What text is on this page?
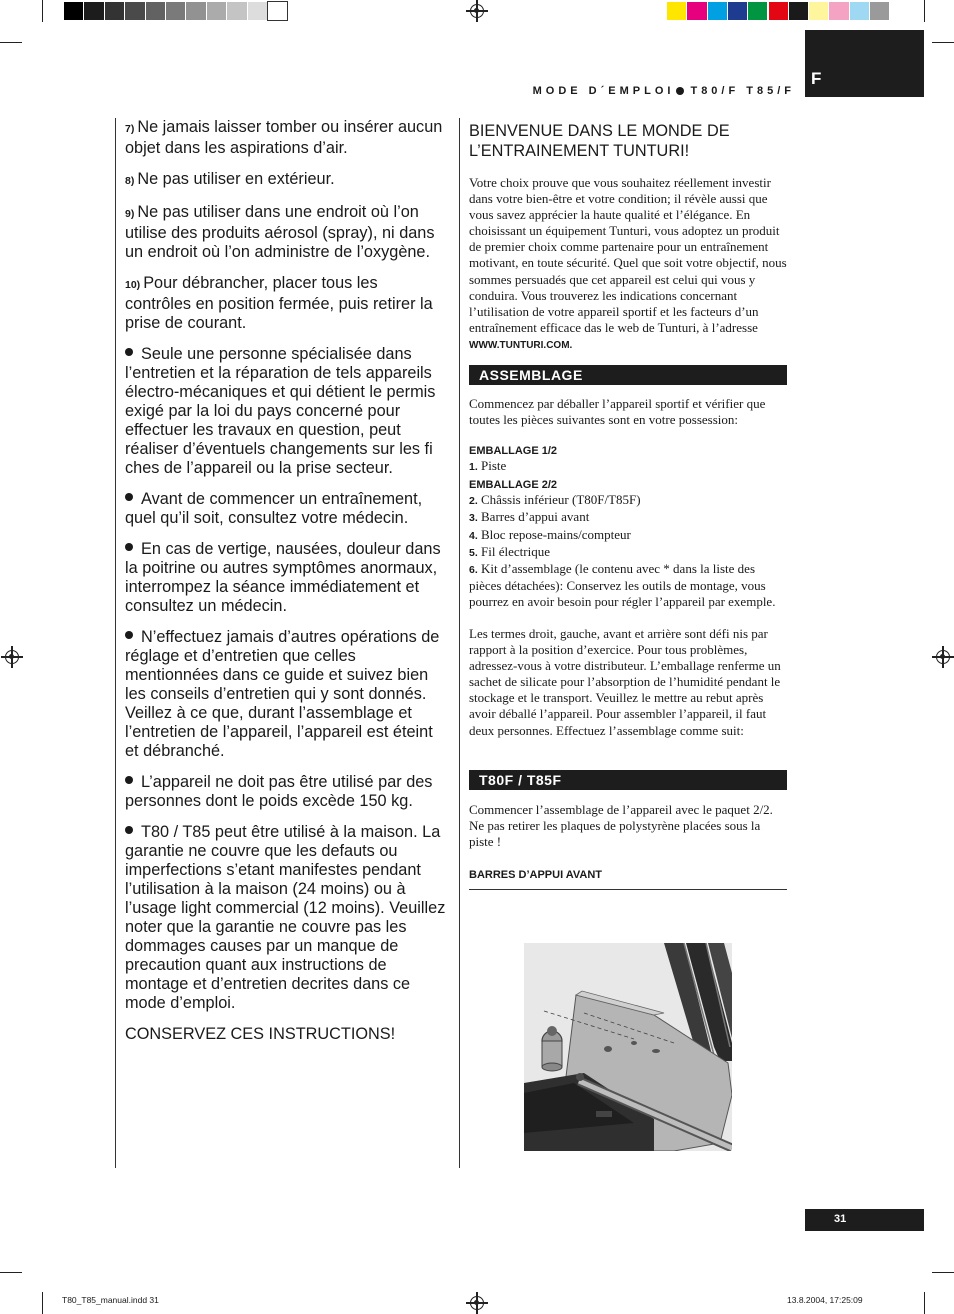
F
MODE D´EMPLOI T80/F T85/F

7) Ne jamais laisser tomber ou insérer aucun objet dans les aspirations d’air.

8) Ne pas utiliser en extérieur.

9) Ne pas utiliser dans une endroit où l’on utilise des produits aérosol (spray), ni dans un endroit où l’on administre de l’oxygène.

10) Pour débrancher, placer tous les contrôles en position fermée, puis retirer la prise de courant.

Seule une personne spécialisée dans l’entretien et la réparation de tels appareils électro-mécaniques et qui détient le permis exigé par la loi du pays concerné pour effectuer les travaux en question, peut réaliser d’éventuels changements sur les fi ches de l’appareil ou la prise secteur.

Avant de commencer un entraînement, quel qu’il soit, consultez votre médecin.

En cas de vertige, nausées, douleur dans la poitrine ou autres symptômes anormaux, interrompez la séance immédiatement et consultez un médecin.

N’effectuez jamais d’autres opérations de réglage et d’entretien que celles mentionnées dans ce guide et suivez bien les conseils d’entretien qui y sont donnés. Veillez à ce que, durant l’assemblage et l’entretien de l’appareil, l’appareil est éteint et débranché.

L’appareil ne doit pas être utilisé par des personnes dont le poids excède 150 kg.

T80 / T85 peut être utilisé à la maison. La garantie ne couvre que les defauts ou imperfections s’etant manifestes pendant l’utilisation à la maison (24 moins) ou à l’usage light commercial (12 moins). Veuillez noter que la garantie ne couvre pas les dommages causes par un manque de precaution quant aux instructions de montage et d’entretien decrites dans ce mode d’emploi.

CONSERVEZ CES INSTRUCTIONS!

BIENVENUE DANS LE MONDE DE L’ENTRAINEMENT TUNTURI!

Votre choix prouve que vous souhaitez réellement investir dans votre bien-être et votre condition; il révèle aussi que vous savez apprécier la haute qualité et l’élégance. En choisissant un équipement Tunturi, vous adoptez un produit de premier choix comme partenaire pour un entraînement motivant, en toute sécurité. Quel que soit votre objectif, nous sommes persuadés que cet appareil est celui qui vous y conduira. Vous trouverez les indications concernant l’utilisation de votre appareil sportif et les facteurs d’un entraînement efficace das le web de Tunturi, à l’adresse WWW.TUNTURI.COM.

ASSEMBLAGE

Commencez par déballer l’appareil sportif et vérifier que toutes les pièces suivantes sont en votre possession:

EMBALLAGE 1/2

1. Piste

EMBALLAGE 2/2

2. Châssis inférieur (T80F/T85F)

3. Barres d’appui avant

4. Bloc repose-mains/compteur

5. Fil électrique

6. Kit d’assemblage (le contenu avec * dans la liste des pièces détachées): Conservez les outils de montage, vous pourrez en avoir besoin pour régler l’appareil par exemple.

Les termes droit, gauche, avant et arrière sont défi nis par rapport à la position d’exercice. Pour tous problèmes, adressez-vous à votre distributeur. L’emballage renferme un sachet de silicate pour l’absorption de l’humidité pendant le stockage et le transport. Veuillez le mettre au rebut après avoir déballé l’appareil. Pour assembler l’appareil, il faut deux personnes. Effectuez l’assemblage comme suit:

T80F / T85F

Commencer l’assemblage de l’appareil avec le paquet 2/2.

Ne pas retirer les plaques de polystyrène placées sous la piste !

BARRES D’APPUI AVANT
31
T80_T85_manual.indd 31	13.8.2004, 17:25:09
